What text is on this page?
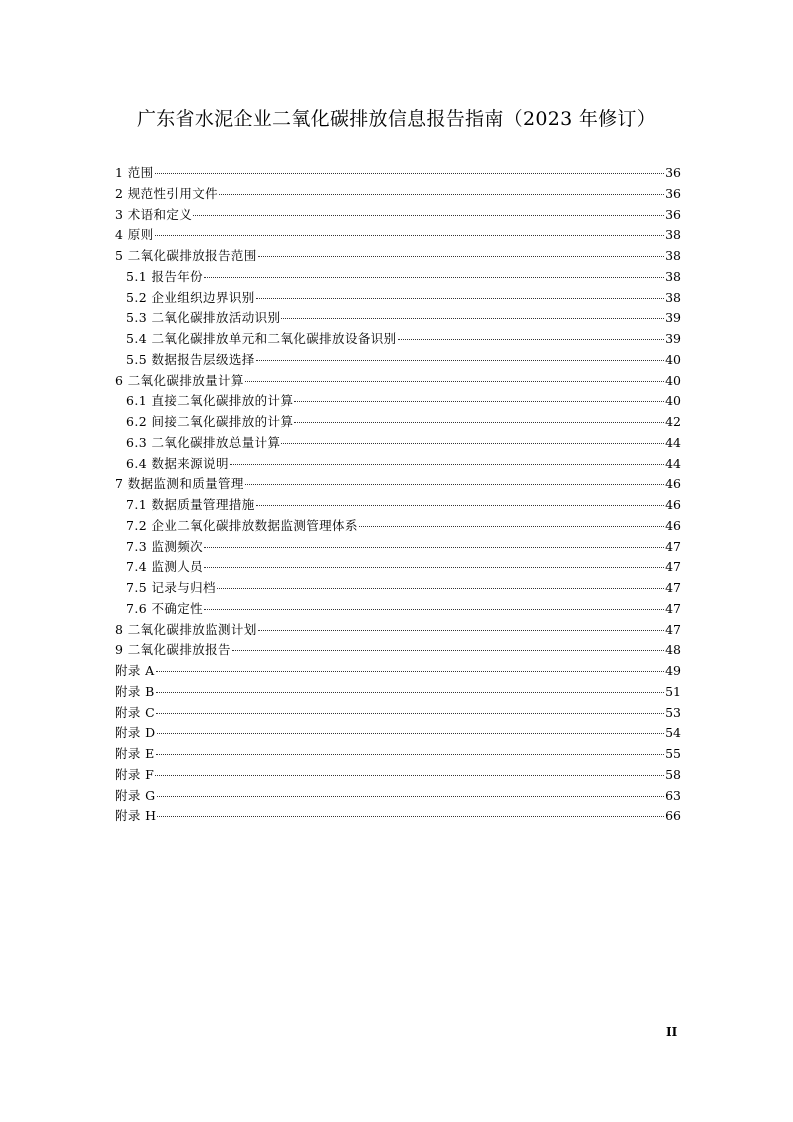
广东省水泥企业二氧化碳排放信息报告指南（2023 年修订）
1 范围	36
2 规范性引用文件	36
3 术语和定义	36
4 原则	38
5 二氧化碳排放报告范围	38
5.1 报告年份	38
5.2 企业组织边界识别	38
5.3 二氧化碳排放活动识别	39
5.4 二氧化碳排放单元和二氧化碳排放设备识别	39
5.5 数据报告层级选择	40
6 二氧化碳排放量计算	40
6.1 直接二氧化碳排放的计算	40
6.2 间接二氧化碳排放的计算	42
6.3 二氧化碳排放总量计算	44
6.4 数据来源说明	44
7 数据监测和质量管理	46
7.1 数据质量管理措施	46
7.2 企业二氧化碳排放数据监测管理体系	46
7.3 监测频次	47
7.4 监测人员	47
7.5 记录与归档	47
7.6 不确定性	47
8 二氧化碳排放监测计划	47
9 二氧化碳排放报告	48
附录 A	49
附录 B	51
附录 C	53
附录 D	54
附录 E	55
附录 F	58
附录 G	63
附录 H	66
II
